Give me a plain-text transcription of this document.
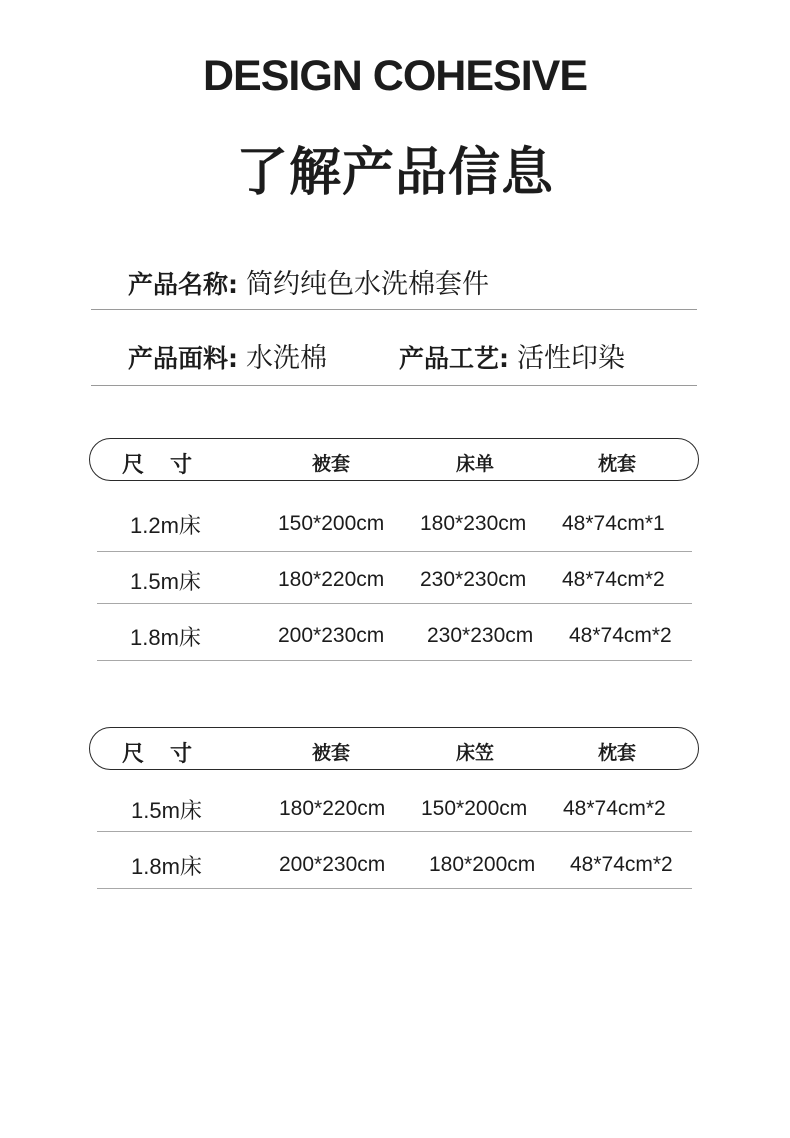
DESIGN COHESIVE
了解产品信息
产品名称: 简约纯色水洗棉套件
产品面料: 水洗棉	产品工艺: 活性印染
尺寸	被套	床单	枕套
1.2m床	150*200cm 180*230cm 48*74cm*1
1.5m床	180*220cm 230*230cm 48*74cm*2
1.8m床	200*230cm 230*230cm 48*74cm*2
尺寸	被套	床笠	枕套
1.5m床	180*220cm 150*200cm 48*74cm*2
1.8m床	200*230cm 180*200cm 48*74cm*2
